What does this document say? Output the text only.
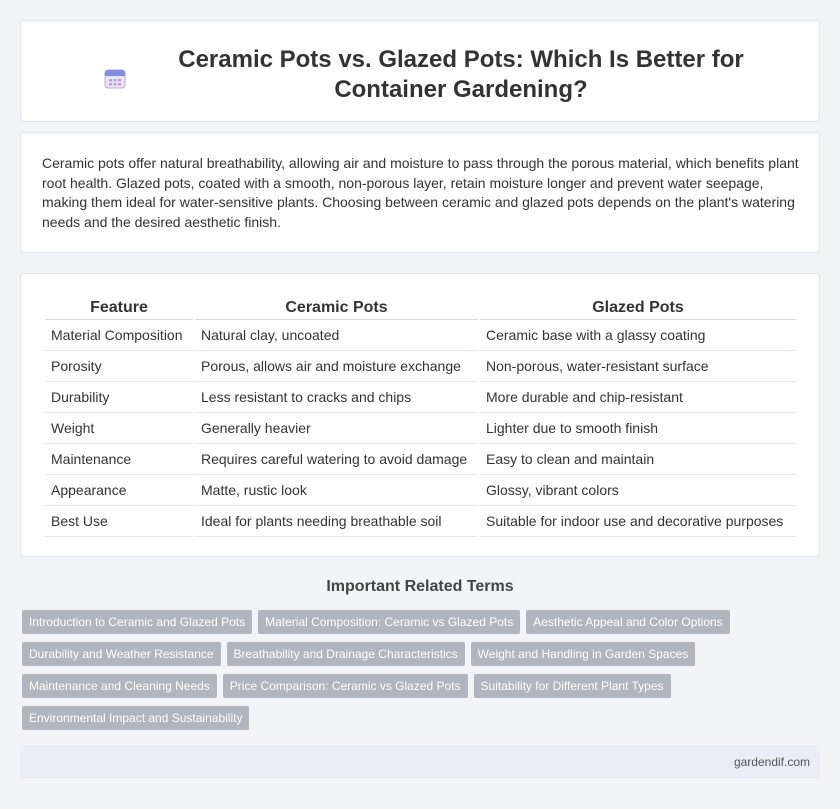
Ceramic Pots vs. Glazed Pots: Which Is Better for Container Gardening?

Ceramic pots offer natural breathability, allowing air and moisture to pass through the porous material, which benefits plant root health. Glazed pots, coated with a smooth, non-porous layer, retain moisture longer and prevent water seepage, making them ideal for water-sensitive plants. Choosing between ceramic and glazed pots depends on the plant's watering needs and the desired aesthetic finish.

Feature	Ceramic Pots	Glazed Pots
Material Composition	Natural clay, uncoated	Ceramic base with a glassy coating
Porosity	Porous, allows air and moisture exchange	Non-porous, water-resistant surface
Durability	Less resistant to cracks and chips	More durable and chip-resistant
Weight	Generally heavier	Lighter due to smooth finish
Maintenance	Requires careful watering to avoid damage	Easy to clean and maintain
Appearance	Matte, rustic look	Glossy, vibrant colors
Best Use	Ideal for plants needing breathable soil	Suitable for indoor use and decorative purposes
Important Related Terms
Introduction to Ceramic and Glazed Pots	Material Composition: Ceramic vs Glazed Pots	Aesthetic Appeal and Color Options
Durability and Weather Resistance	Breathability and Drainage Characteristics	Weight and Handling in Garden Spaces
Maintenance and Cleaning Needs	Price Comparison: Ceramic vs Glazed Pots	Suitability for Different Plant Types
Environmental Impact and Sustainability
gardendif.com
